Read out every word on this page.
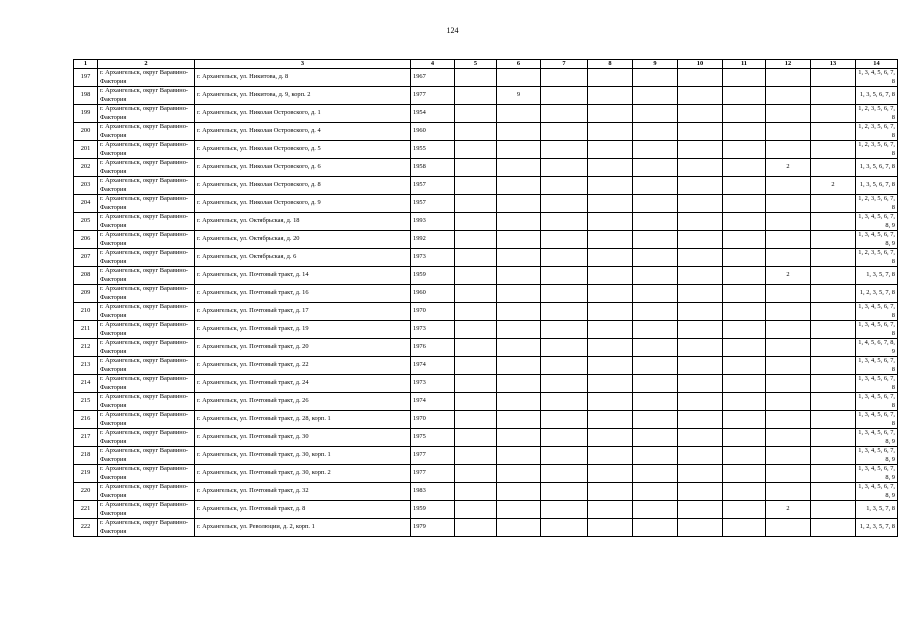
124
1	2	3	4	5	6	7	8	9	10	11	12	13	14
197	г. Архангельск, округ Варавино-Фактория	г. Архангельск, ул. Никитова, д. 8	1967										1, 3, 4, 5, 6, 7, 8
198	г. Архангельск, округ Варавино-Фактория	г. Архангельск, ул. Никитова, д. 9, корп. 2	1977		9								1, 3, 5, 6, 7, 8
199	г. Архангельск, округ Варавино-Фактория	г. Архангельск, ул. Николая Островского, д. 1	1954										1, 2, 3, 5, 6, 7, 8
200	г. Архангельск, округ Варавино-Фактория	г. Архангельск, ул. Николая Островского, д. 4	1960										1, 2, 3, 5, 6, 7, 8
201	г. Архангельск, округ Варавино-Фактория	г. Архангельск, ул. Николая Островского, д. 5	1955										1, 2, 3, 5, 6, 7, 8
202	г. Архангельск, округ Варавино-Фактория	г. Архангельск, ул. Николая Островского, д. 6	1958								2		1, 3, 5, 6, 7, 8
203	г. Архангельск, округ Варавино-Фактория	г. Архангельск, ул. Николая Островского, д. 8	1957									2	1, 3, 5, 6, 7, 8
204	г. Архангельск, округ Варавино-Фактория	г. Архангельск, ул. Николая Островского, д. 9	1957										1, 2, 3, 5, 6, 7, 8
205	г. Архангельск, округ Варавино-Фактория	г. Архангельск, ул. Октябрьская, д. 18	1993										1, 3, 4, 5, 6, 7, 8, 9
206	г. Архангельск, округ Варавино-Фактория	г. Архангельск, ул. Октябрьская, д. 20	1992										1, 3, 4, 5, 6, 7, 8, 9
207	г. Архангельск, округ Варавино-Фактория	г. Архангельск, ул. Октябрьская, д. 6	1973										1, 2, 3, 5, 6, 7, 8
208	г. Архангельск, округ Варавино-Фактория	г. Архангельск, ул. Почтовый тракт, д. 14	1959								2		1, 3, 5, 7, 8
209	г. Архангельск, округ Варавино-Фактория	г. Архангельск, ул. Почтовый тракт, д. 16	1960										1, 2, 3, 5, 7, 8
210	г. Архангельск, округ Варавино-Фактория	г. Архангельск, ул. Почтовый тракт, д. 17	1970										1, 3, 4, 5, 6, 7, 8
211	г. Архангельск, округ Варавино-Фактория	г. Архангельск, ул. Почтовый тракт, д. 19	1973										1, 3, 4, 5, 6, 7, 8
212	г. Архангельск, округ Варавино-Фактория	г. Архангельск, ул. Почтовый тракт, д. 20	1976										1, 4, 5, 6, 7, 8, 9
213	г. Архангельск, округ Варавино-Фактория	г. Архангельск, ул. Почтовый тракт, д. 22	1974										1, 3, 4, 5, 6, 7, 8
214	г. Архангельск, округ Варавино-Фактория	г. Архангельск, ул. Почтовый тракт, д. 24	1973										1, 3, 4, 5, 6, 7, 8
215	г. Архангельск, округ Варавино-Фактория	г. Архангельск, ул. Почтовый тракт, д. 26	1974										1, 3, 4, 5, 6, 7, 8
216	г. Архангельск, округ Варавино-Фактория	г. Архангельск, ул. Почтовый тракт, д. 28, корп. 1	1970										1, 3, 4, 5, 6, 7, 8
217	г. Архангельск, округ Варавино-Фактория	г. Архангельск, ул. Почтовый тракт, д. 30	1975										1, 3, 4, 5, 6, 7, 8, 9
218	г. Архангельск, округ Варавино-Фактория	г. Архангельск, ул. Почтовый тракт, д. 30, корп. 1	1977										1, 3, 4, 5, 6, 7, 8, 9
219	г. Архангельск, округ Варавино-Фактория	г. Архангельск, ул. Почтовый тракт, д. 30, корп. 2	1977										1, 3, 4, 5, 6, 7, 8, 9
220	г. Архангельск, округ Варавино-Фактория	г. Архангельск, ул. Почтовый тракт, д. 32	1983										1, 3, 4, 5, 6, 7, 8, 9
221	г. Архангельск, округ Варавино-Фактория	г. Архангельск, ул. Почтовый тракт, д. 8	1959								2		1, 3, 5, 7, 8
222	г. Архангельск, округ Варавино-Фактория	г. Архангельск, ул. Революции, д. 2, корп. 1	1979										1, 2, 3, 5, 7, 8
